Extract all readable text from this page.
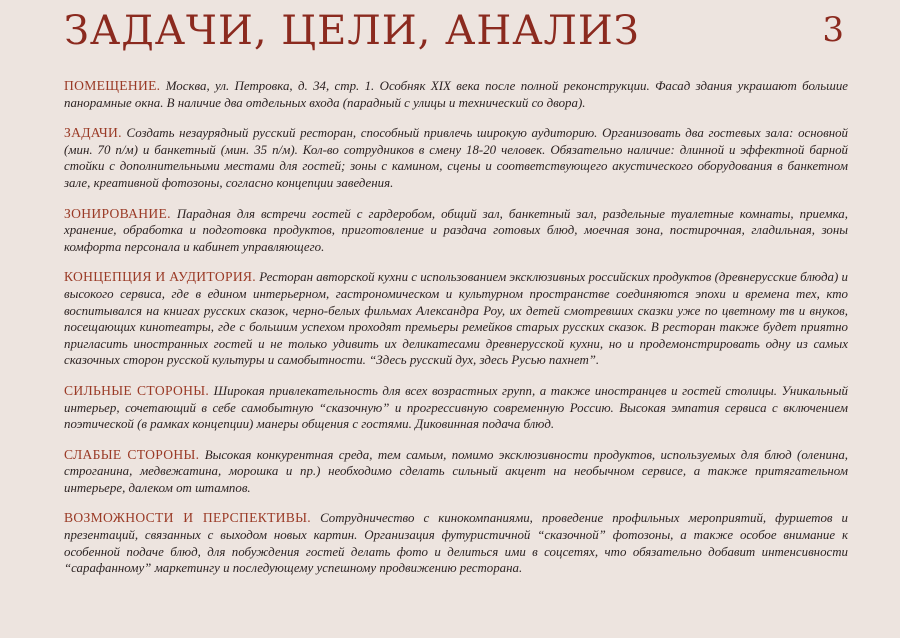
ЗАДАЧИ, ЦЕЛИ, АНАЛИЗ	3

ПОМЕЩЕНИЕ. Москва, ул. Петровка, д. 34, стр. 1. Особняк XIX века после полной реконструкции. Фасад здания украшают большие панорамные окна. В наличие два отдельных входа (парадный с улицы и технический со двора).

ЗАДАЧИ. Создать незаурядный русский ресторан, способный привлечь широкую аудиторию. Организовать два гостевых зала: основной (мин. 70 п/м) и банкетный (мин. 35 п/м). Кол-во сотрудников в смену 18-20 человек. Обязательно наличие: длинной и эффектной барной стойки с дополнительными местами для гостей; зоны с камином, сцены и соответствующего акустического оборудования в банкетном зале, креативной фотозоны, согласно концепции заведения.

ЗОНИРОВАНИЕ. Парадная для встречи гостей с гардеробом, общий зал, банкетный зал, раздельные туалетные комнаты, приемка, хранение, обработка и подготовка продуктов, приготовление и раздача готовых блюд, моечная зона, постирочная, гладильная, зоны комфорта персонала и кабинет управляющего.

КОНЦЕПЦИЯ И АУДИТОРИЯ. Ресторан авторской кухни с использованием эксклюзивных российских продуктов (древнерусские блюда) и высокого сервиса, где в едином интерьерном, гастрономическом и культурном пространстве соединяются эпохи и времена тех, кто воспитывался на книгах русских сказок, черно-белых фильмах Александра Роу, их детей смотревших сказки уже по цветному тв и внуков, посещающих кинотеатры, где с большим успехом проходят премьеры ремейков старых русских сказок. В ресторан также будет приятно пригласить иностранных гостей и не только удивить их деликатесами древнерусской кухни, но и продемонстрировать одну из самых сказочных сторон русской культуры и самобытности. “Здесь русский дух, здесь Русью пахнет”.

СИЛЬНЫЕ СТОРОНЫ. Широкая привлекательность для всех возрастных групп, а также иностранцев и гостей столицы. Уникальный интерьер, сочетающий в себе самобытную “сказочную” и прогрессивную современную Россию. Высокая эмпатия сервиса с включением поэтической (в рамках концепции) манеры общения с гостями. Диковинная подача блюд.

СЛАБЫЕ СТОРОНЫ. Высокая конкурентная среда, тем самым, помимо эксклюзивности продуктов, используемых для блюд (оленина, строганина, медвежатина, морошка и пр.) необходимо сделать сильный акцент на необычном сервисе, а также притягательном интерьере, далеком от штампов.

ВОЗМОЖНОСТИ И ПЕРСПЕКТИВЫ. Сотрудничество с кинокомпаниями, проведение профильных мероприятий, фуршетов и презентаций, связанных с выходом новых картин. Организация футуристичной “сказочной” фотозоны, а также особое внимание к особенной подаче блюд, для побуждения гостей делать фото и делиться ими в соцсетях, что обязательно добавит интенсивности “сарафанному” маркетингу и последующему успешному продвижению ресторана.
